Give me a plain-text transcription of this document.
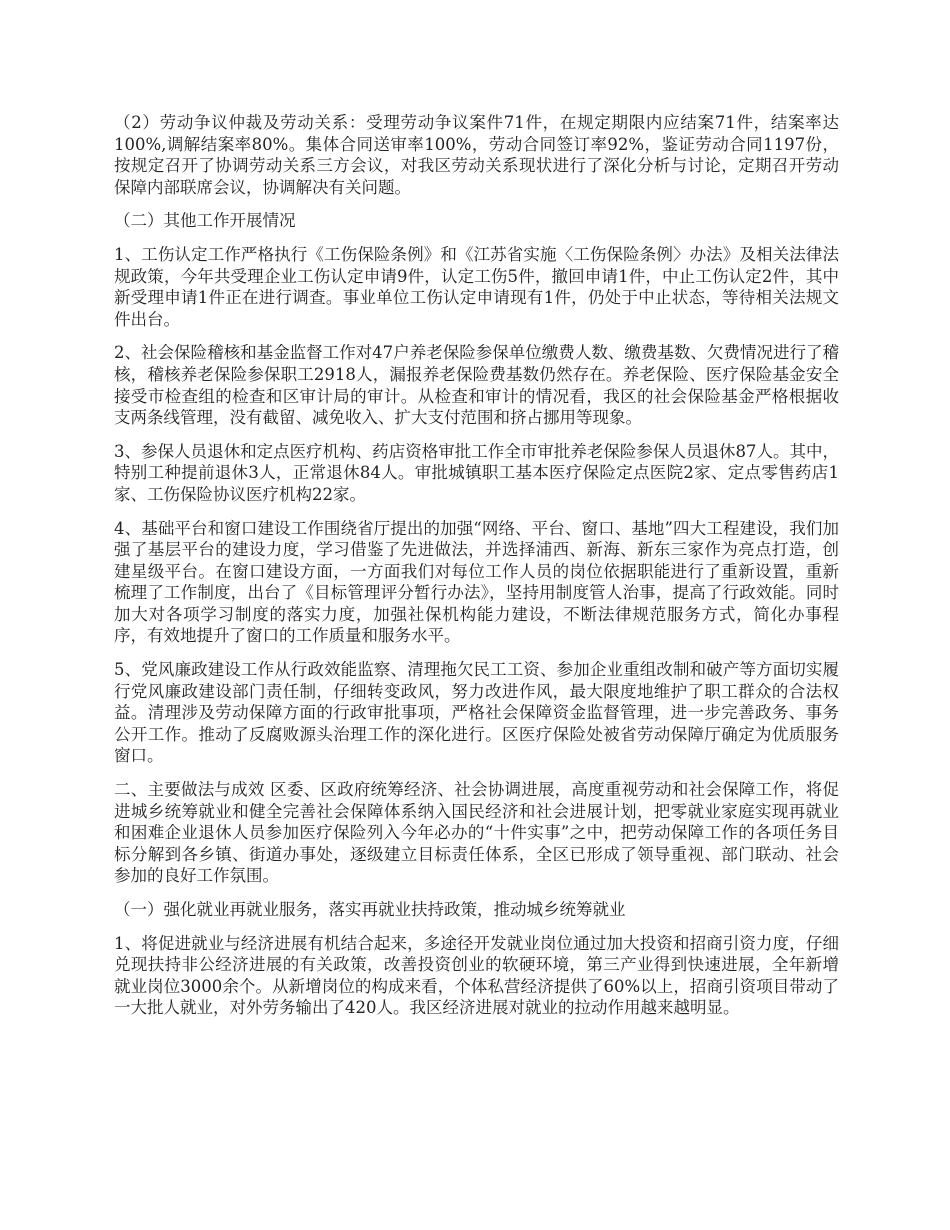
（2）劳动争议仲裁及劳动关系：受理劳动争议案件71件，在规定期限内应结案71件，结案率达100%,调解结案率80%。集体合同送审率100%，劳动合同签订率92%，鉴证劳动合同1197份，按规定召开了协调劳动关系三方会议，对我区劳动关系现状进行了深化分析与讨论，定期召开劳动保障内部联席会议，协调解决有关问题。

（二）其他工作开展情况

1、工伤认定工作严格执行《工伤保险条例》和《江苏省实施〈工伤保险条例〉办法》及相关法律法规政策，今年共受理企业工伤认定申请9件，认定工伤5件，撤回申请1件，中止工伤认定2件，其中新受理申请1件正在进行调查。事业单位工伤认定申请现有1件，仍处于中止状态，等待相关法规文件出台。

2、社会保险稽核和基金监督工作对47户养老保险参保单位缴费人数、缴费基数、欠费情况进行了稽核，稽核养老保险参保职工2918人，漏报养老保险费基数仍然存在。养老保险、医疗保险基金安全接受市检查组的检查和区审计局的审计。从检查和审计的情况看，我区的社会保险基金严格根据收支两条线管理，没有截留、减免收入、扩大支付范围和挤占挪用等现象。

3、参保人员退休和定点医疗机构、药店资格审批工作全市审批养老保险参保人员退休87人。其中，特别工种提前退休3人，正常退休84人。审批城镇职工基本医疗保险定点医院2家、定点零售药店1家、工伤保险协议医疗机构22家。

4、基础平台和窗口建设工作围绕省厅提出的加强“网络、平台、窗口、基地”四大工程建设，我们加强了基层平台的建设力度，学习借鉴了先进做法，并选择浦西、新海、新东三家作为亮点打造，创建星级平台。在窗口建设方面，一方面我们对每位工作人员的岗位依据职能进行了重新设置，重新梳理了工作制度，出台了《目标管理评分暂行办法》，坚持用制度管人治事，提高了行政效能。同时加大对各项学习制度的落实力度，加强社保机构能力建设，不断法律规范服务方式，简化办事程序，有效地提升了窗口的工作质量和服务水平。

5、党风廉政建设工作从行政效能监察、清理拖欠民工工资、参加企业重组改制和破产等方面切实履行党风廉政建设部门责任制，仔细转变政风，努力改进作风，最大限度地维护了职工群众的合法权益。清理涉及劳动保障方面的行政审批事项，严格社会保障资金监督管理，进一步完善政务、事务公开工作。推动了反腐败源头治理工作的深化进行。区医疗保险处被省劳动保障厅确定为优质服务窗口。

二、主要做法与成效 区委、区政府统筹经济、社会协调进展，高度重视劳动和社会保障工作，将促进城乡统筹就业和健全完善社会保障体系纳入国民经济和社会进展计划，把零就业家庭实现再就业和困难企业退休人员参加医疗保险列入今年必办的“十件实事”之中，把劳动保障工作的各项任务目标分解到各乡镇、街道办事处，逐级建立目标责任体系，全区已形成了领导重视、部门联动、社会参加的良好工作氛围。

（一）强化就业再就业服务，落实再就业扶持政策，推动城乡统筹就业

1、将促进就业与经济进展有机结合起来，多途径开发就业岗位通过加大投资和招商引资力度，仔细兑现扶持非公经济进展的有关政策，改善投资创业的软硬环境，第三产业得到快速进展，全年新增就业岗位3000余个。从新增岗位的构成来看，个体私营经济提供了60%以上，招商引资项目带动了一大批人就业，对外劳务输出了420人。我区经济进展对就业的拉动作用越来越明显。
